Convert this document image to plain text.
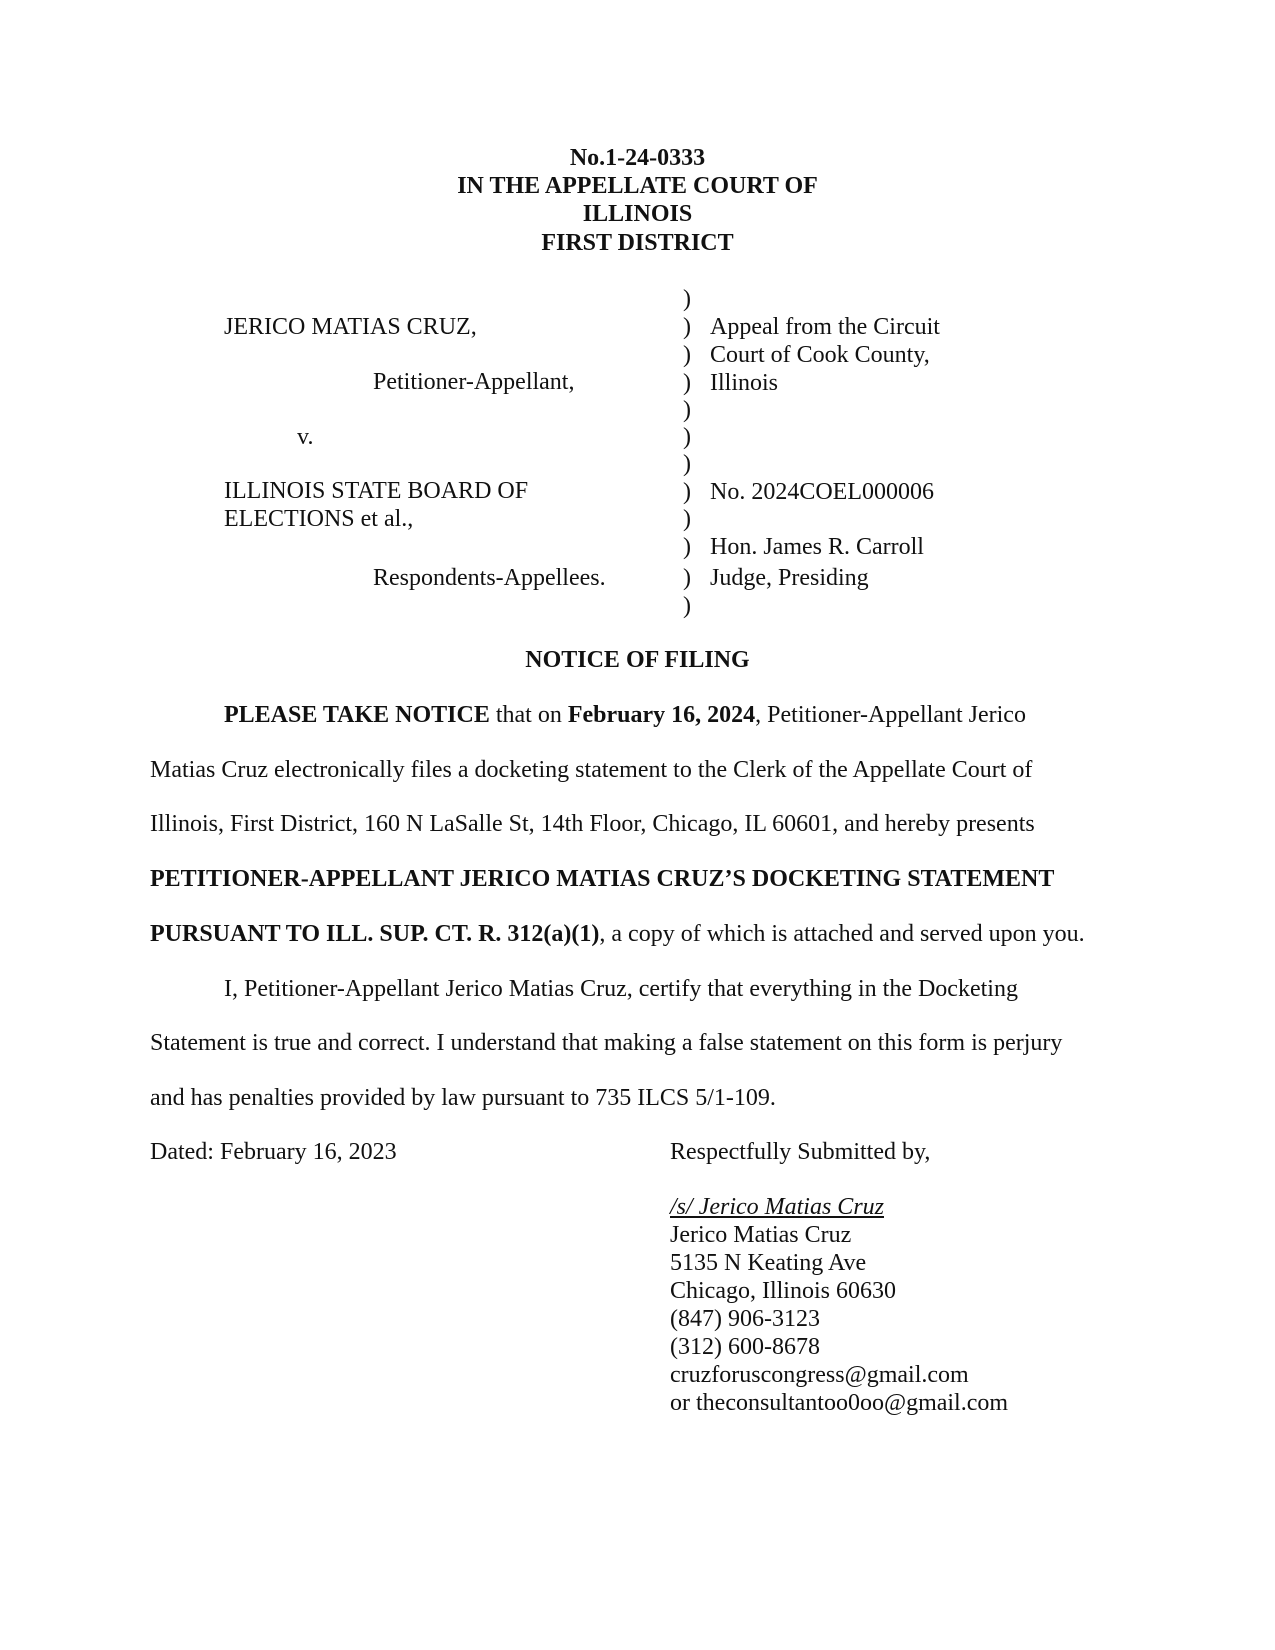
No.1-24-0333
IN THE APPELLATE COURT OF
ILLINOIS
FIRST DISTRICT
JERICO MATIAS CRUZ,
Petitioner-Appellant,
v.
ILLINOIS STATE BOARD OF
ELECTIONS et al.,
Respondents-Appellees.
)
)
)
)
)
)
)
)
)
)
)
)
Appeal from the Circuit
Court of Cook County,
Illinois
No. 2024COEL000006
Hon. James R. Carroll
Judge, Presiding
NOTICE OF FILING
PLEASE TAKE NOTICE that on February 16, 2024, Petitioner-Appellant Jerico
Matias Cruz electronically files a docketing statement to the Clerk of the Appellate Court of
Illinois, First District, 160 N LaSalle St, 14th Floor, Chicago, IL 60601, and hereby presents
PETITIONER-APPELLANT JERICO MATIAS CRUZ’S DOCKETING STATEMENT
PURSUANT TO ILL. SUP. CT. R. 312(a)(1), a copy of which is attached and served upon you.
I, Petitioner-Appellant Jerico Matias Cruz, certify that everything in the Docketing
Statement is true and correct. I understand that making a false statement on this form is perjury
and has penalties provided by law pursuant to 735 ILCS 5/1-109.
Dated: February 16, 2023	Respectfully Submitted by,
/s/ Jerico Matias Cruz
Jerico Matias Cruz
5135 N Keating Ave
Chicago, Illinois 60630
(847) 906-3123
(312) 600-8678
cruzforuscongress@gmail.com
or theconsultantoo0oo@gmail.com
